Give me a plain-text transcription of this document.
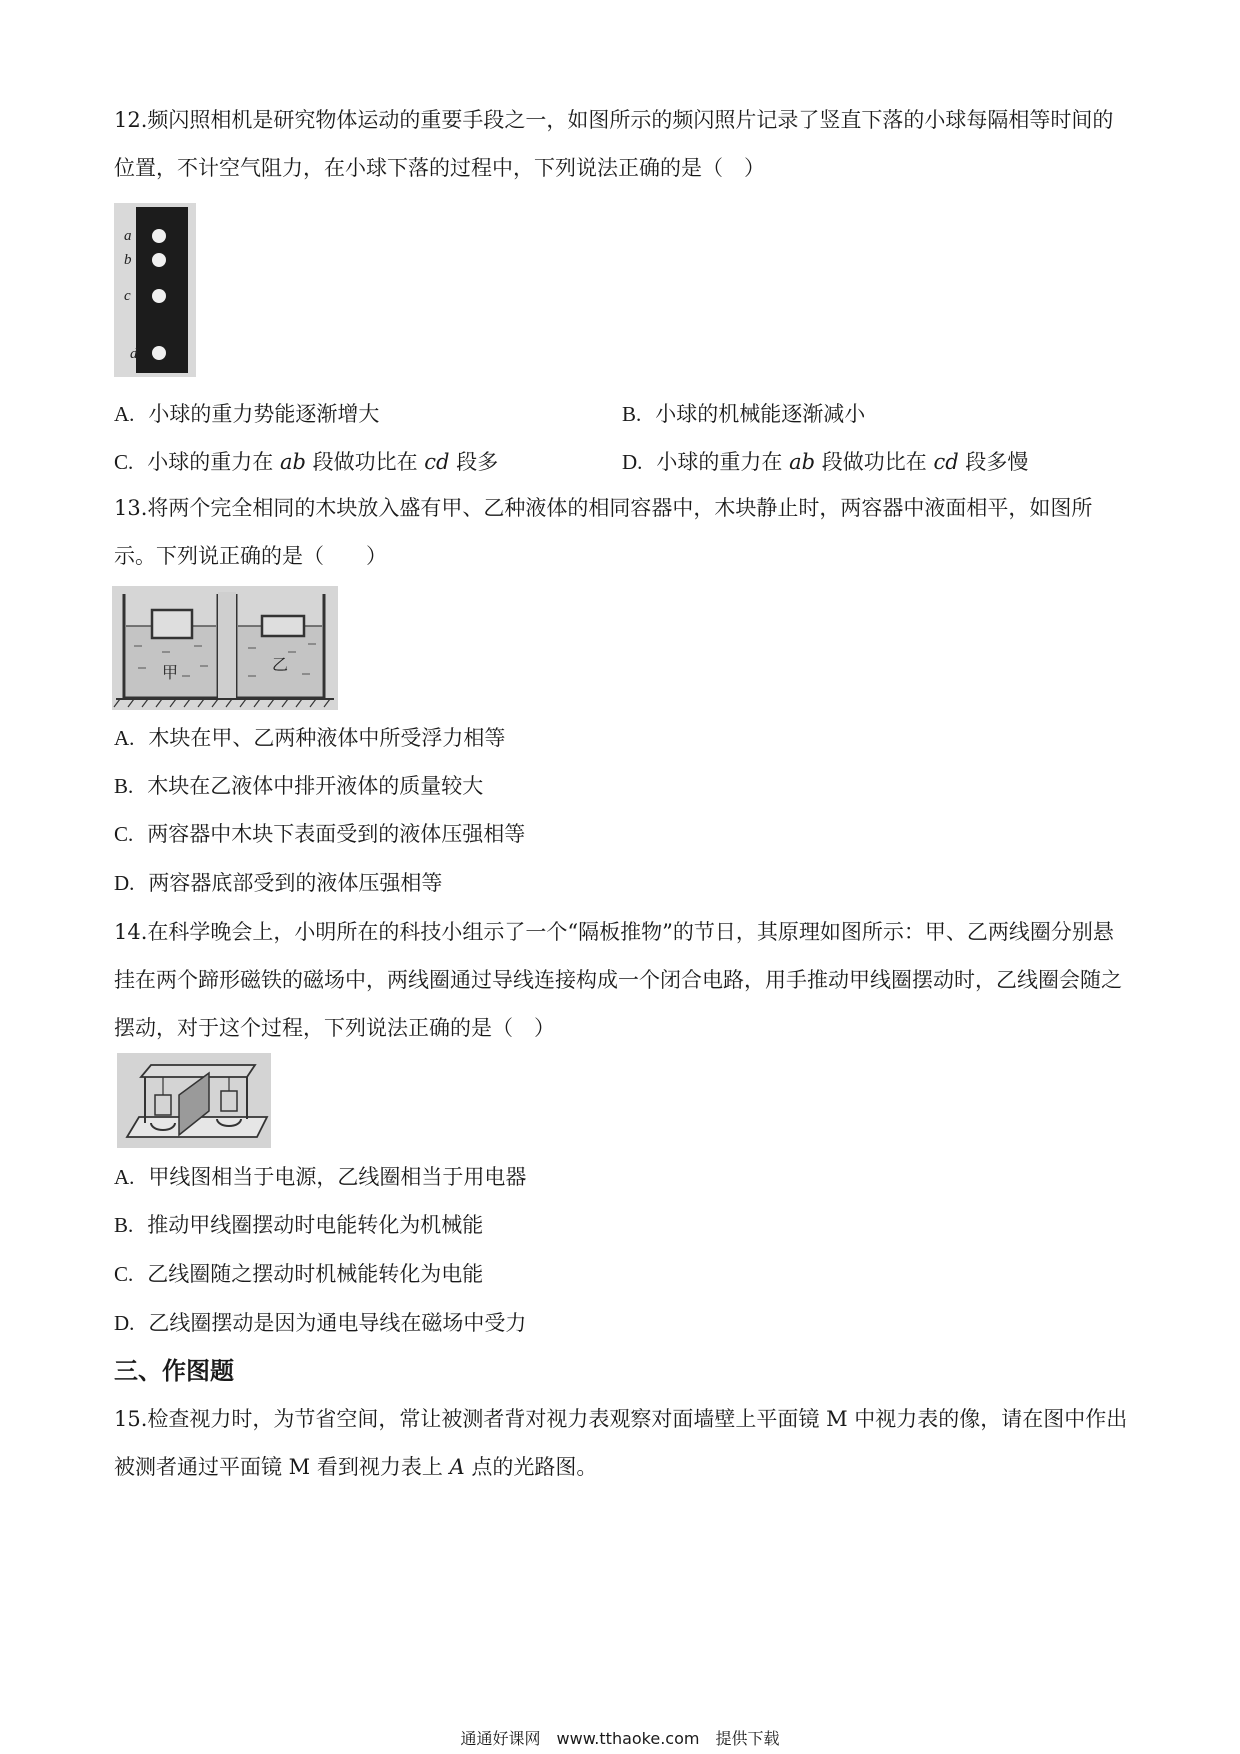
12.频闪照相机是研究物体运动的重要手段之一，如图所示的频闪照片记录了竖直下落的小球每隔相等时间的位置，不计空气阻力，在小球下落的过程中，下列说法正确的是（　）

a
b
c
d
A. 小球的重力势能逐渐增大	B. 小球的机械能逐渐减小
C. 小球的重力在 ab 段做功比在 cd 段多	D. 小球的重力在 ab 段做功比在 cd 段多慢

13.将两个完全相同的木块放入盛有甲、乙种液体的相同容器中，木块静止时，两容器中液面相平，如图所示。下列说正确的是（　　）

甲	乙
A. 木块在甲、乙两种液体中所受浮力相等
B. 木块在乙液体中排开液体的质量较大
C. 两容器中木块下表面受到的液体压强相等
D. 两容器底部受到的液体压强相等

14.在科学晚会上，小明所在的科技小组示了一个“隔板推物”的节日，其原理如图所示：甲、乙两线圈分别悬挂在两个蹄形磁铁的磁场中，两线圈通过导线连接构成一个闭合电路，用手推动甲线圈摆动时，乙线圈会随之摆动，对于这个过程，下列说法正确的是（　）

A. 甲线图相当于电源，乙线圈相当于用电器
B. 推动甲线圈摆动时电能转化为机械能
C. 乙线圈随之摆动时机械能转化为电能
D. 乙线圈摆动是因为通电导线在磁场中受力
三、作图题

15.检查视力时，为节省空间，常让被测者背对视力表观察对面墙壁上平面镜 M 中视力表的像，请在图中作出被测者通过平面镜 M 看到视力表上 A 点的光路图。

通通好课网　www.tthaoke.com　提供下载
